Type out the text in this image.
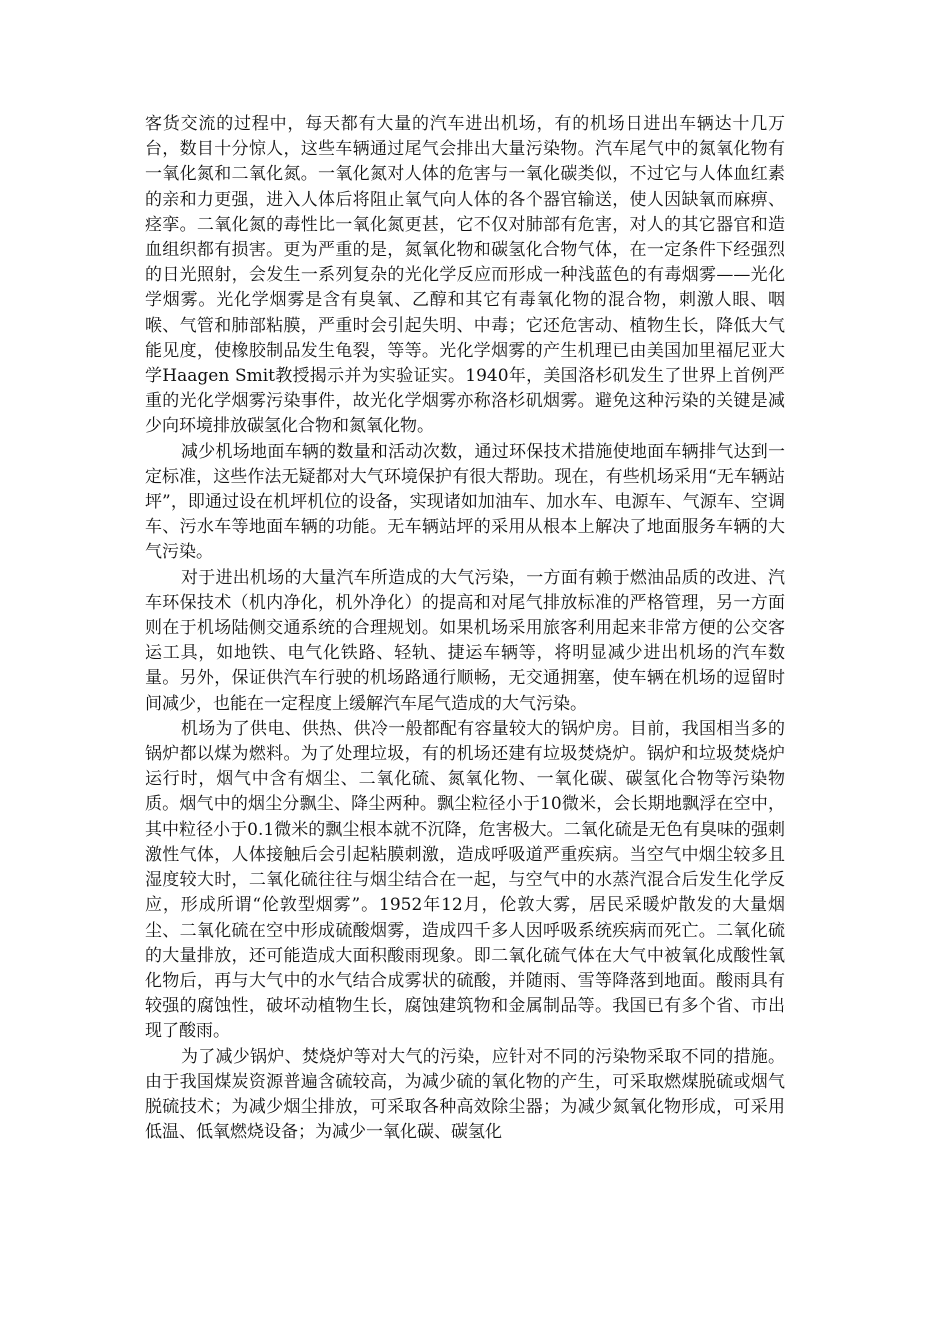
客货交流的过程中，每天都有大量的汽车进出机场，有的机场日进出车辆达十几万台，数目十分惊人，这些车辆通过尾气会排出大量污染物。汽车尾气中的氮氧化物有一氧化氮和二氧化氮。一氧化氮对人体的危害与一氧化碳类似，不过它与人体血红素的亲和力更强，进入人体后将阻止氧气向人体的各个器官输送，使人因缺氧而麻痹、痉挛。二氧化氮的毒性比一氧化氮更甚，它不仅对肺部有危害，对人的其它器官和造血组织都有损害。更为严重的是，氮氧化物和碳氢化合物气体，在一定条件下经强烈的日光照射，会发生一系列复杂的光化学反应而形成一种浅蓝色的有毒烟雾——光化学烟雾。光化学烟雾是含有臭氧、乙醇和其它有毒氧化物的混合物，刺激人眼、咽喉、气管和肺部粘膜，严重时会引起失明、中毒；它还危害动、植物生长，降低大气能见度，使橡胶制品发生龟裂，等等。光化学烟雾的产生机理已由美国加里福尼亚大学Haagen Smit教授揭示并为实验证实。1940年，美国洛杉矶发生了世界上首例严重的光化学烟雾污染事件，故光化学烟雾亦称洛杉矶烟雾。避免这种污染的关键是减少向环境排放碳氢化合物和氮氧化物。

减少机场地面车辆的数量和活动次数，通过环保技术措施使地面车辆排气达到一定标准，这些作法无疑都对大气环境保护有很大帮助。现在，有些机场采用“无车辆站坪”，即通过设在机坪机位的设备，实现诸如加油车、加水车、电源车、气源车、空调车、污水车等地面车辆的功能。无车辆站坪的采用从根本上解决了地面服务车辆的大气污染。

对于进出机场的大量汽车所造成的大气污染，一方面有赖于燃油品质的改进、汽车环保技术（机内净化，机外净化）的提高和对尾气排放标准的严格管理，另一方面则在于机场陆侧交通系统的合理规划。如果机场采用旅客利用起来非常方便的公交客运工具，如地铁、电气化铁路、轻轨、捷运车辆等，将明显减少进出机场的汽车数量。另外，保证供汽车行驶的机场路通行顺畅，无交通拥塞，使车辆在机场的逗留时间减少，也能在一定程度上缓解汽车尾气造成的大气污染。

机场为了供电、供热、供冷一般都配有容量较大的锅炉房。目前，我国相当多的锅炉都以煤为燃料。为了处理垃圾，有的机场还建有垃圾焚烧炉。锅炉和垃圾焚烧炉运行时，烟气中含有烟尘、二氧化硫、氮氧化物、一氧化碳、碳氢化合物等污染物质。烟气中的烟尘分飘尘、降尘两种。飘尘粒径小于10微米，会长期地飘浮在空中，其中粒径小于0.1微米的飘尘根本就不沉降，危害极大。二氧化硫是无色有臭味的强刺激性气体，人体接触后会引起粘膜刺激，造成呼吸道严重疾病。当空气中烟尘较多且湿度较大时，二氧化硫往往与烟尘结合在一起，与空气中的水蒸汽混合后发生化学反应，形成所谓“伦敦型烟雾”。1952年12月，伦敦大雾，居民采暖炉散发的大量烟尘、二氧化硫在空中形成硫酸烟雾，造成四千多人因呼吸系统疾病而死亡。二氧化硫的大量排放，还可能造成大面积酸雨现象。即二氧化硫气体在大气中被氧化成酸性氧化物后，再与大气中的水气结合成雾状的硫酸，并随雨、雪等降落到地面。酸雨具有较强的腐蚀性，破坏动植物生长，腐蚀建筑物和金属制品等。我国已有多个省、市出现了酸雨。

为了减少锅炉、焚烧炉等对大气的污染，应针对不同的污染物采取不同的措施。由于我国煤炭资源普遍含硫较高，为减少硫的氧化物的产生，可采取燃煤脱硫或烟气脱硫技术；为减少烟尘排放，可采取各种高效除尘器；为减少氮氧化物形成，可采用低温、低氧燃烧设备；为减少一氧化碳、碳氢化
